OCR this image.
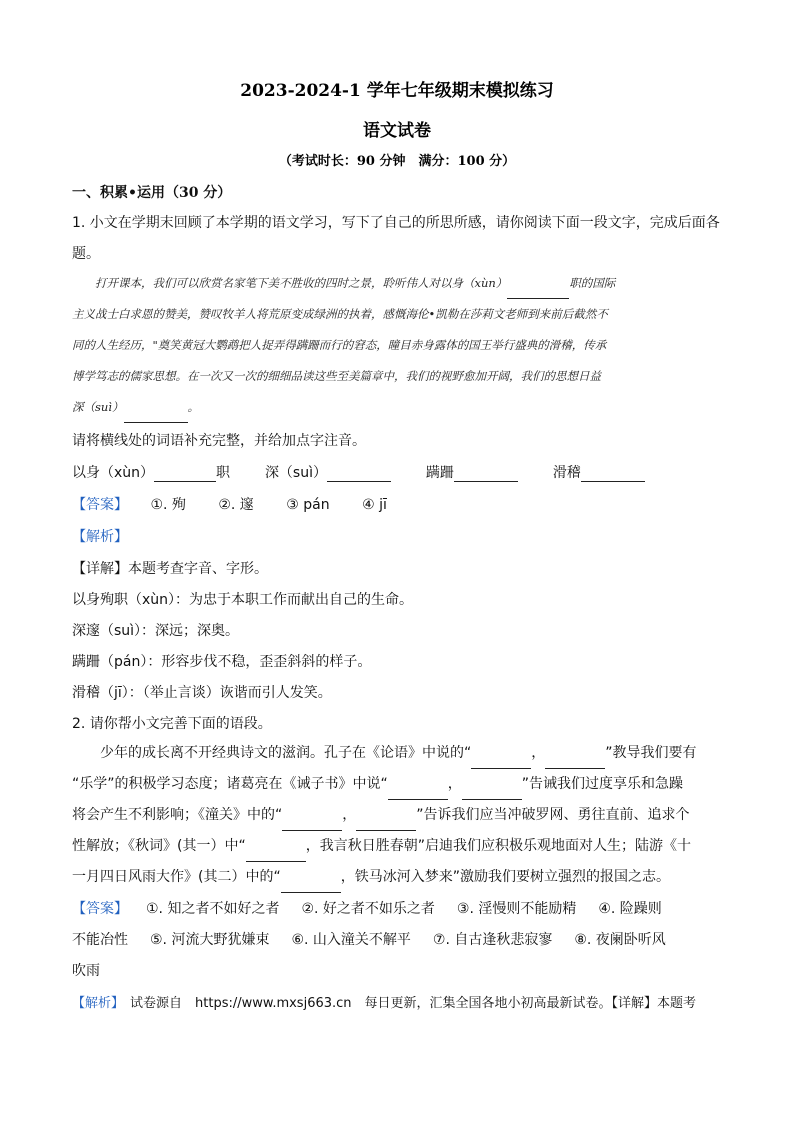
2023-2024-1 学年七年级期末模拟练习
语文试卷
（考试时长：90 分钟　满分：100 分）
一、积累•运用（30 分）
1. 小文在学期末回顾了本学期的语文学习，写下了自己的所思所感，请你阅读下面一段文字，完成后面各
题。

打开课本，我们可以欣赏名家笔下美不胜收的四时之景，聆听伟人对以身（xùn）	职的国际

主义战士白求恩的赞美，赞叹牧羊人将荒原变成绿洲的执着，感慨海伦•凯勒在莎莉文老师到来前后截然不

同的人生经历，"奠笑黄冠大鹦鹉把人捉弄得蹒跚而行的窘态，瞳目赤身露体的国王举行盛典的滑稽，传承

博学笃志的儒家思想。在一次又一次的细细品读这些至美篇章中，我们的视野愈加开阔，我们的思想日益

深（suì）	。

请将横线处的词语补充完整，并给加点字注音。
以身（xùn）	职 深（suì）	蹒跚	滑稽
【答案】 ①. 殉 ②. 邃 ③ pán ④ jī
【解析】
【详解】本题考查字音、字形。
以身殉职（xùn）：为忠于本职工作而献出自己的生命。
深邃（suì）：深远；深奥。
蹒跚（pán）：形容步伐不稳，歪歪斜斜的样子。
滑稽（jī）：（举止言谈）诙谐而引人发笑。
2. 请你帮小文完善下面的语段。

少年的成长离不开经典诗文的滋润。孔子在《论语》中说的“	，	”教导我们要有

“乐学”的积极学习态度；诸葛亮在《诫子书》中说“	，	”告诫我们过度享乐和急躁

将会产生不利影响；《潼关》中的“	，	”告诉我们应当冲破罗网、勇往直前、追求个

性解放；《秋词》(其一）中“	，我言秋日胜春朝”启迪我们应积极乐观地面对人生；陆游《十

一月四日风雨大作》(其二）中的“	，铁马冰河入梦来”激励我们要树立强烈的报国之志。

【答案】 ①. 知之者不如好之者 ②. 好之者不如乐之者 ③. 淫慢则不能励精 ④. 险躁则
不能冶性 ⑤. 河流大野犹嫌束 ⑥. 山入潼关不解平 ⑦. 自古逢秋悲寂寥 ⑧. 夜阑卧听风
吹雨
【解析】 试卷源自　https://www.mxsj663.cn　每日更新，汇集全国各地小初高最新试卷。【详解】本题考
